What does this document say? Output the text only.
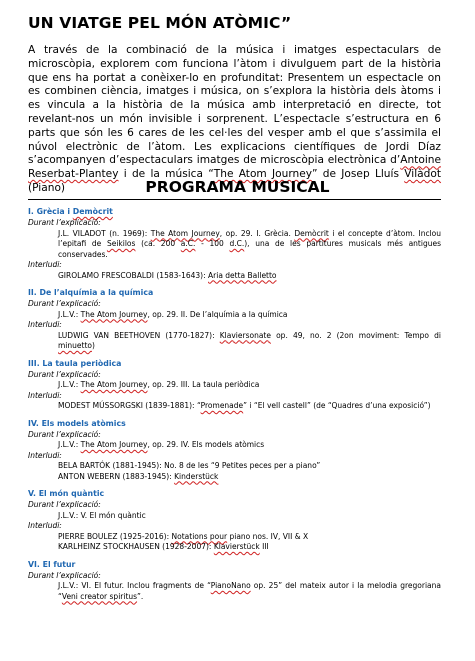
UN VIATGE PEL MÓN ATÒMIC”
A través de la combinació de la música i imatges espectaculars de microscòpia, explorem com funciona l’àtom i divulguem part de la història que ens ha portat a conèixer-lo en profunditat: Presentem un espectacle on es combinen ciència, imatges i música, on s’explora la història dels àtoms i es vincula a la història de la música amb interpretació en directe, tot revelant-nos un món invisible i sorprenent. L’espectacle s’estructura en 6 parts que són les 6 cares de les cel·les del vesper amb el que s’assimila el núvol electrònic de l’àtom. Les explicacions científiques de Jordi Díaz s’acompanyen d’espectaculars imatges de microscòpia electrònica d’Antoine Reserbat-Plantey i de la música “The Atom Journey” de Josep Lluís Vilàdot (Piano)	PROGRAMA MUSICAL
I. Grècia i Demòcrit
Durant l’explicació:
J.L. VILADOT (n. 1969): The Atom Journey, op. 29. I. Grècia. Demòcrit i el concepte d’àtom. Inclou l’epitafi de Seikilos (ca. 200 a.C. - 100 d.C.), una de les partitures musicals més antigues conservades.
Interludi:
GIROLAMO FRESCOBALDI (1583-1643): Aria detta Balletto
II. De l’alquímia a la química
Durant l’explicació:
J.L.V.: The Atom Journey, op. 29. II. De l’alquímia a la química
Interludi:
LUDWIG VAN BEETHOVEN (1770-1827): Klaviersonate op. 49, no. 2 (2on moviment: Tempo di minuetto)
III. La taula periòdica
Durant l’explicació:
J.L.V.: The Atom Journey, op. 29. III. La taula periòdica
Interludi:
MODEST MÚSSORGSKI (1839-1881): “Promenade” i “El vell castell” (de “Quadres d’una exposició”)
IV. Els models atòmics
Durant l’explicació:
J.L.V.: The Atom Journey, op. 29. IV. Els models atòmics
Interludi:
BELA BARTÓK (1881-1945): No. 8 de les “9 Petites peces per a piano”
ANTON WEBERN (1883-1945): Kinderstück
V. El món quàntic
Durant l’explicació:
J.L.V.: V. El món quàntic
Interludi:
PIERRE BOULEZ (1925-2016): Notations pour piano nos. IV, VII & X
KARLHEINZ STOCKHAUSEN (1928-2007): Klavierstück III
VI. El futur
Durant l’explicació:
J.L.V.: VI. El futur. Inclou fragments de “PianoNano op. 25” del mateix autor i la melodia gregoriana “Veni creator spiritus”.
